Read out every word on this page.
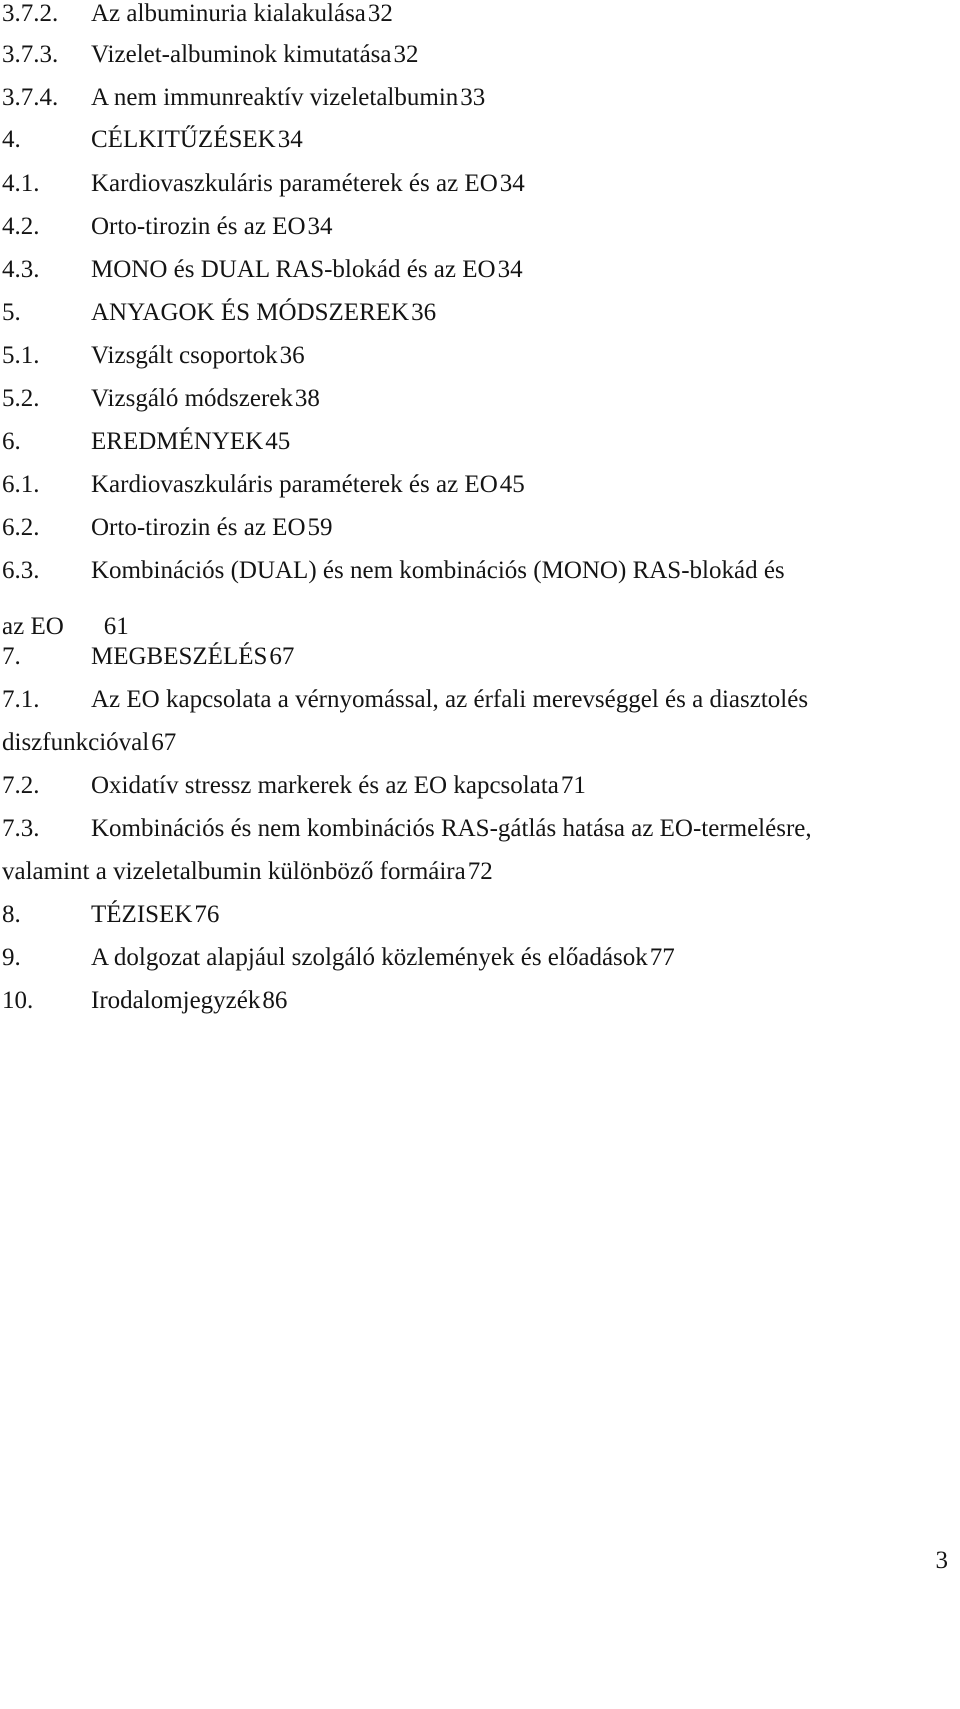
3.7.2. Az albuminuria kialakulása 32
3.7.3. Vizelet-albuminok kimutatása 32
3.7.4. A nem immunreaktív vizeletalbumin 33
4.	CÉLKITŰZÉSEK 34
4.1. Kardiovaszkuláris paraméterek és az EO 34
4.2. Orto-tirozin és az EO 34
4.3. MONO és DUAL RAS-blokád és az EO 34
5.	ANYAGOK ÉS MÓDSZEREK 36
5.1. Vizsgált csoportok 36
5.2. Vizsgáló módszerek 38
6.	EREDMÉNYEK 45
6.1. Kardiovaszkuláris paraméterek és az EO 45
6.2. Orto-tirozin és az EO 59
6.3. Kombinációs (DUAL) és nem kombinációs (MONO) RAS-blokád és
az EO 61
7.	MEGBESZÉLÉS 67
7.1. Az EO kapcsolata a vérnyomással, az érfali merevséggel és a diasztolés
diszfunkcióval 67
7.2. Oxidatív stressz markerek és az EO kapcsolata 71
7.3. Kombinációs és nem kombinációs RAS-gátlás hatása az EO-termelésre,
valamint a vizeletalbumin különböző formáira 72
8.	TÉZISEK 76
9.	A dolgozat alapjául szolgáló közlemények és előadások 77
10. Irodalomjegyzék 86
3
